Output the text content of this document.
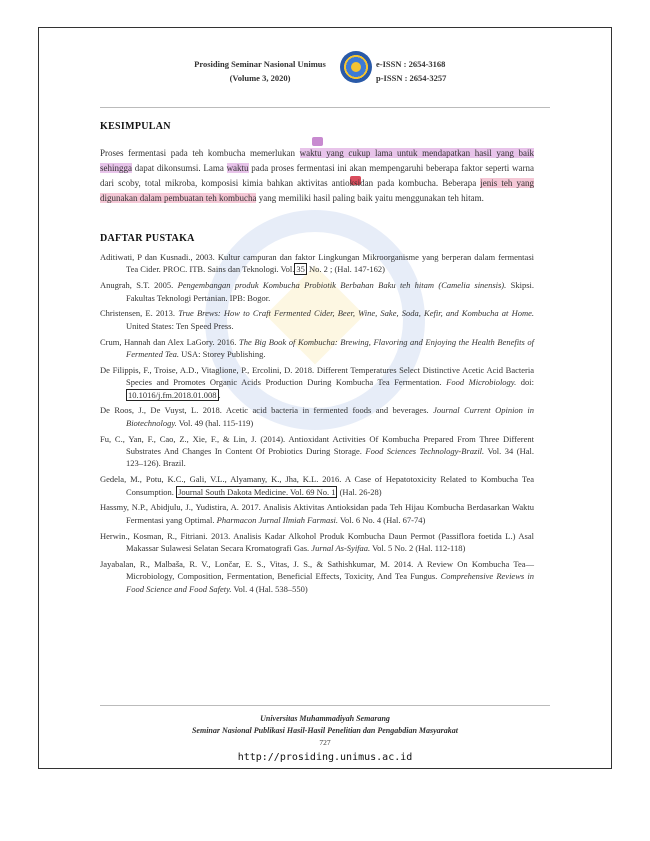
Prosiding Seminar Nasional Unimus
(Volume 3, 2020)
e-ISSN : 2654-3168
p-ISSN : 2654-3257
KESIMPULAN
Proses fermentasi pada teh kombucha memerlukan waktu yang cukup lama untuk mendapatkan hasil yang baik sehingga dapat dikonsumsi. Lama waktu pada proses fermentasi ini akan mempengaruhi beberapa faktor seperti warna dari scoby, total mikroba, komposisi kimia bahkan aktivitas antioksidan pada kombucha. Beberapa jenis teh yang digunakan dalam pembuatan teh kombucha yang memiliki hasil paling baik yaitu menggunakan teh hitam.
DAFTAR PUSTAKA

Aditiwati, P dan Kusnadi., 2003. Kultur campuran dan faktor Lingkungan Mikroorganisme yang berperan dalam fermentasi Tea Cider. PROC. ITB. Sains dan Teknologi. Vol. 35 No. 2 ; (Hal. 147-162)

Anugrah, S.T. 2005. Pengembangan produk Kombucha Probiotik Berbahan Baku teh hitam (Camelia sinensis). Skipsi. Fakultas Teknologi Pertanian. IPB: Bogor.

Christensen, E. 2013. True Brews: How to Craft Fermented Cider, Beer, Wine, Sake, Soda, Kefir, and Kombucha at Home. United States: Ten Speed Press.

Crum, Hannah dan Alex LaGory. 2016. The Big Book of Kombucha: Brewing, Flavoring and Enjoying the Health Benefits of Fermented Tea. USA: Storey Publishing.

De Filippis, F., Troise, A.D., Vitaglione, P., Ercolini, D. 2018. Different Temperatures Select Distinctive Acetic Acid Bacteria Species and Promotes Organic Acids Production During Kombucha Tea Fermentation. Food Microbiology. doi: 10.1016/j.fm.2018.01.008 .

De Roos, J., De Vuyst, L. 2018. Acetic acid bacteria in fermented foods and beverages. Journal Current Opinion in Biotechnology. Vol. 49 (hal. 115-119)

Fu, C., Yan, F., Cao, Z., Xie, F., & Lin, J. (2014). Antioxidant Activities Of Kombucha Prepared From Three Different Substrates And Changes In Content Of Probiotics During Storage. Food Sciences Technology-Brazil. Vol. 34 (Hal. 123–126). Brazil.

Gedela, M., Potu, K.C., Gali, V.L., Alyamany, K., Jha, K.L. 2016. A Case of Hepatotoxicity Related to Kombucha Tea Consumption. Journal South Dakota Medicine. Vol. 69 No. 1 (Hal. 26-28)

Hassmy, N.P., Abidjulu, J., Yudistira, A. 2017. Analisis Aktivitas Antioksidan pada Teh Hijau Kombucha Berdasarkan Waktu Fermentasi yang Optimal. Pharmacon Jurnal Ilmiah Farmasi. Vol. 6 No. 4 (Hal. 67-74)

Herwin., Kosman, R., Fitriani. 2013. Analisis Kadar Alkohol Produk Kombucha Daun Permot (Passiflora foetida L.) Asal Makassar Sulawesi Selatan Secara Kromatografi Gas. Jurnal As-Syifaa. Vol. 5 No. 2 (Hal. 112-118)

Jayabalan, R., Malbaša, R. V., Lončar, E. S., Vitas, J. S., & Sathishkumar, M. 2014. A Review On Kombucha Tea—Microbiology, Composition, Fermentation, Beneficial Effects, Toxicity, And Tea Fungus. Comprehensive Reviews in Food Science and Food Safety. Vol. 4 (Hal. 538–550)

Universitas Muhammadiyah Semarang
Seminar Nasional Publikasi Hasil-Hasil Penelitian dan Pengabdian Masyarakat
727
http://prosiding.unimus.ac.id
